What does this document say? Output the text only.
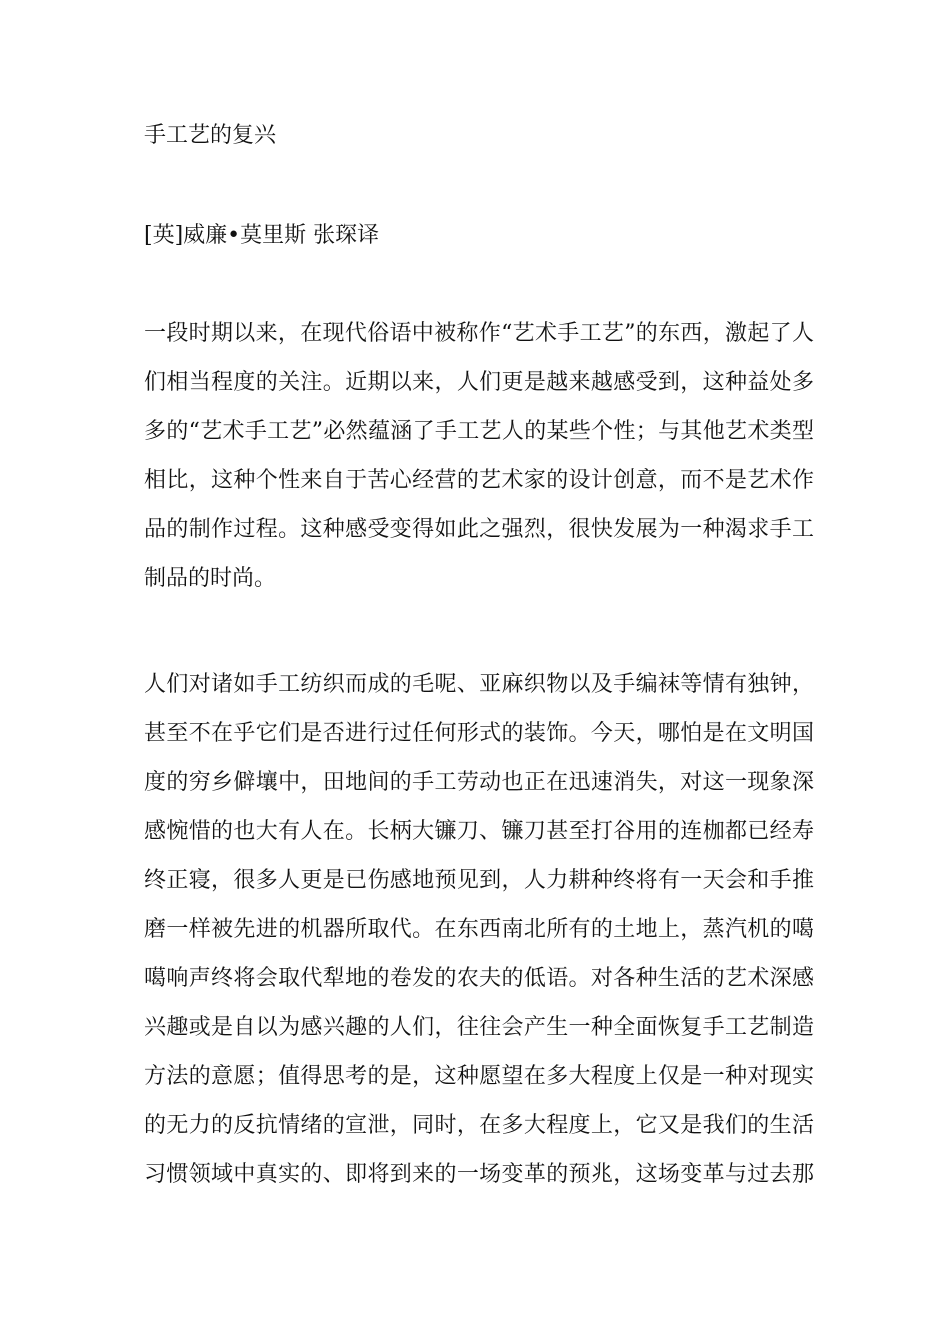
手工艺的复兴

[英]威廉•莫里斯 张琛译

一段时期以来，在现代俗语中被称作“艺术手工艺”的东西，激起了人
们相当程度的关注。近期以来，人们更是越来越感受到，这种益处多
多的“艺术手工艺”必然蕴涵了手工艺人的某些个性；与其他艺术类型
相比，这种个性来自于苦心经营的艺术家的设计创意，而不是艺术作
品的制作过程。这种感受变得如此之强烈，很快发展为一种渴求手工
制品的时尚。
人们对诸如手工纺织而成的毛呢、亚麻织物以及手编袜等情有独钟，
甚至不在乎它们是否进行过任何形式的装饰。今天，哪怕是在文明国
度的穷乡僻壤中，田地间的手工劳动也正在迅速消失，对这一现象深
感惋惜的也大有人在。长柄大镰刀、镰刀甚至打谷用的连枷都已经寿
终正寝，很多人更是已伤感地预见到，人力耕种终将有一天会和手推
磨一样被先进的机器所取代。在东西南北所有的土地上，蒸汽机的噶
噶响声终将会取代犁地的卷发的农夫的低语。对各种生活的艺术深感
兴趣或是自以为感兴趣的人们，往往会产生一种全面恢复手工艺制造
方法的意愿；值得思考的是，这种愿望在多大程度上仅是一种对现实
的无力的反抗情绪的宣泄，同时，在多大程度上，它又是我们的生活
习惯领域中真实的、即将到来的一场变革的预兆，这场变革与过去那
